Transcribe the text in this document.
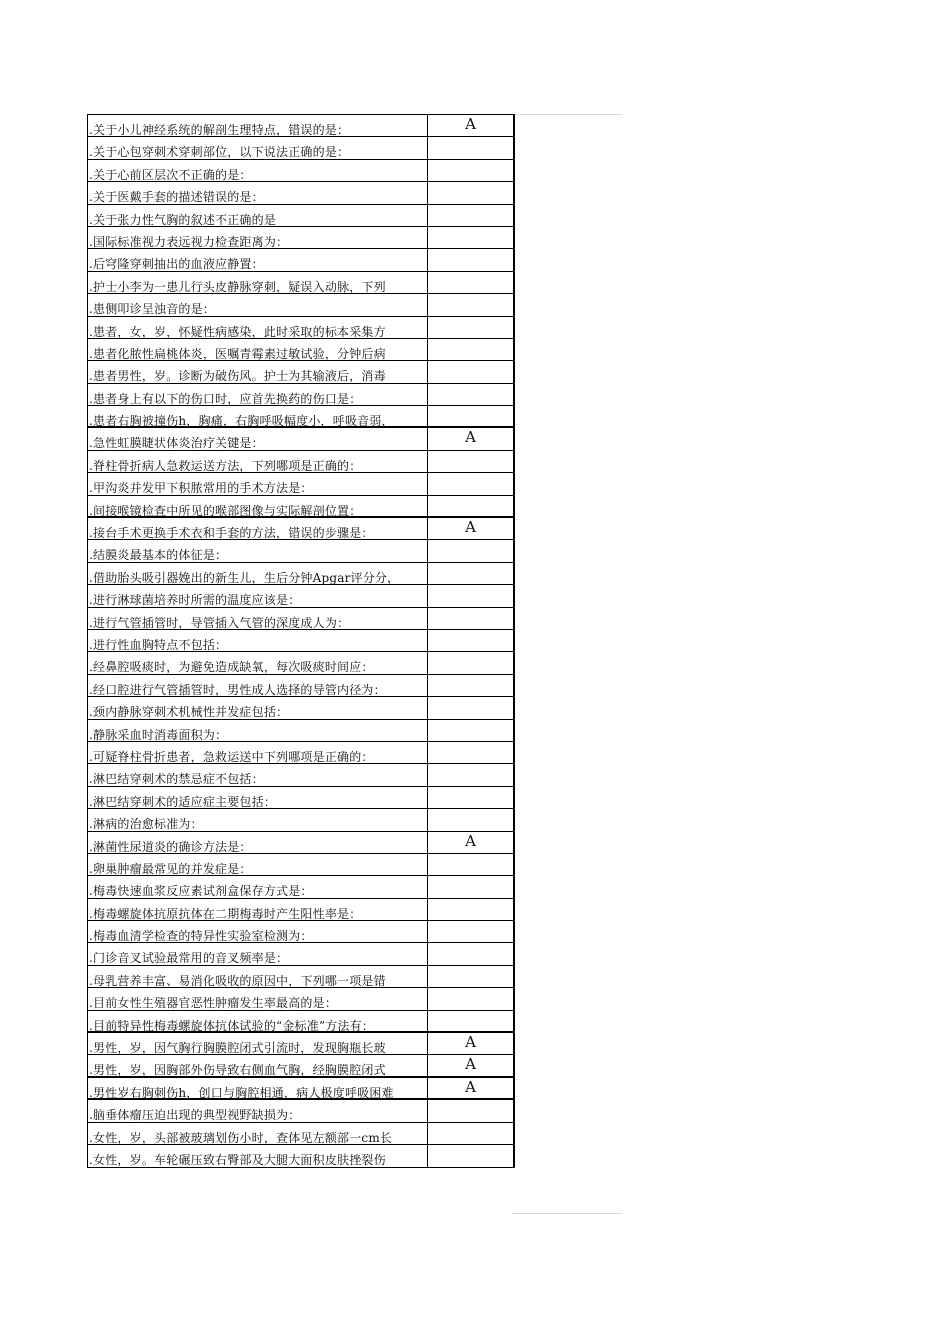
.关于小儿神经系统的解剖生理特点，错误的是：	A
.关于心包穿刺术穿刺部位，以下说法正确的是：
.关于心前区层次不正确的是：
.关于医戴手套的描述错误的是：
.关于张力性气胸的叙述不正确的是
.国际标准视力表远视力检查距离为：
.后穹隆穿刺抽出的血液应静置：
.护士小李为一患儿行头皮静脉穿刺，疑误入动脉，下列
.患侧叩诊呈浊音的是：
.患者，女，岁，怀疑性病感染，此时采取的标本采集方
.患者化脓性扁桃体炎，医嘱青霉素过敏试验，分钟后病
.患者男性，岁。诊断为破伤风。护士为其输液后，消毒
.患者身上有以下的伤口时，应首先换药的伤口是：
.患者右胸被撞伤h，胸痛，右胸呼吸幅度小，呼吸音弱，
.急性虹膜睫状体炎治疗关键是：	A
.脊柱骨折病人急救运送方法，下列哪项是正确的：
.甲沟炎并发甲下积脓常用的手术方法是：
.间接喉镜检查中所见的喉部图像与实际解剖位置：
.接台手术更换手术衣和手套的方法，错误的步骤是：	A
.结膜炎最基本的体征是：
.借助胎头吸引器娩出的新生儿，生后分钟Apgar评分分，
.进行淋球菌培养时所需的温度应该是：
.进行气管插管时，导管插入气管的深度成人为：
.进行性血胸特点不包括：
.经鼻腔吸痰时，为避免造成缺氧，每次吸痰时间应：
.经口腔进行气管插管时，男性成人选择的导管内径为：
.颈内静脉穿刺术机械性并发症包括：
.静脉采血时消毒面积为：
.可疑脊柱骨折患者，急救运送中下列哪项是正确的：
.淋巴结穿刺术的禁忌症不包括：
.淋巴结穿刺术的适应症主要包括：
.淋病的治愈标准为：
.淋菌性尿道炎的确诊方法是：	A
.卵巢肿瘤最常见的并发症是：
.梅毒快速血浆反应素试剂盒保存方式是：
.梅毒螺旋体抗原抗体在二期梅毒时产生阳性率是：
.梅毒血清学检查的特异性实验室检测为：
.门诊音叉试验最常用的音叉频率是：
.母乳营养丰富、易消化吸收的原因中，下列哪一项是错
.目前女性生殖器官恶性肿瘤发生率最高的是：
.目前特异性梅毒螺旋体抗体试验的“金标准”方法有：
.男性，岁，因气胸行胸膜腔闭式引流时，发现胸瓶长玻	A
.男性，岁，因胸部外伤导致右侧血气胸，经胸膜腔闭式	A
.男性岁右胸刺伤h，创口与胸腔相通，病人极度呼吸困难	A
.脑垂体瘤压迫出现的典型视野缺损为：
.女性，岁，头部被玻璃划伤小时，查体见左额部一cm长
.女性，岁。车轮碾压致右臀部及大腿大面积皮肤挫裂伤
